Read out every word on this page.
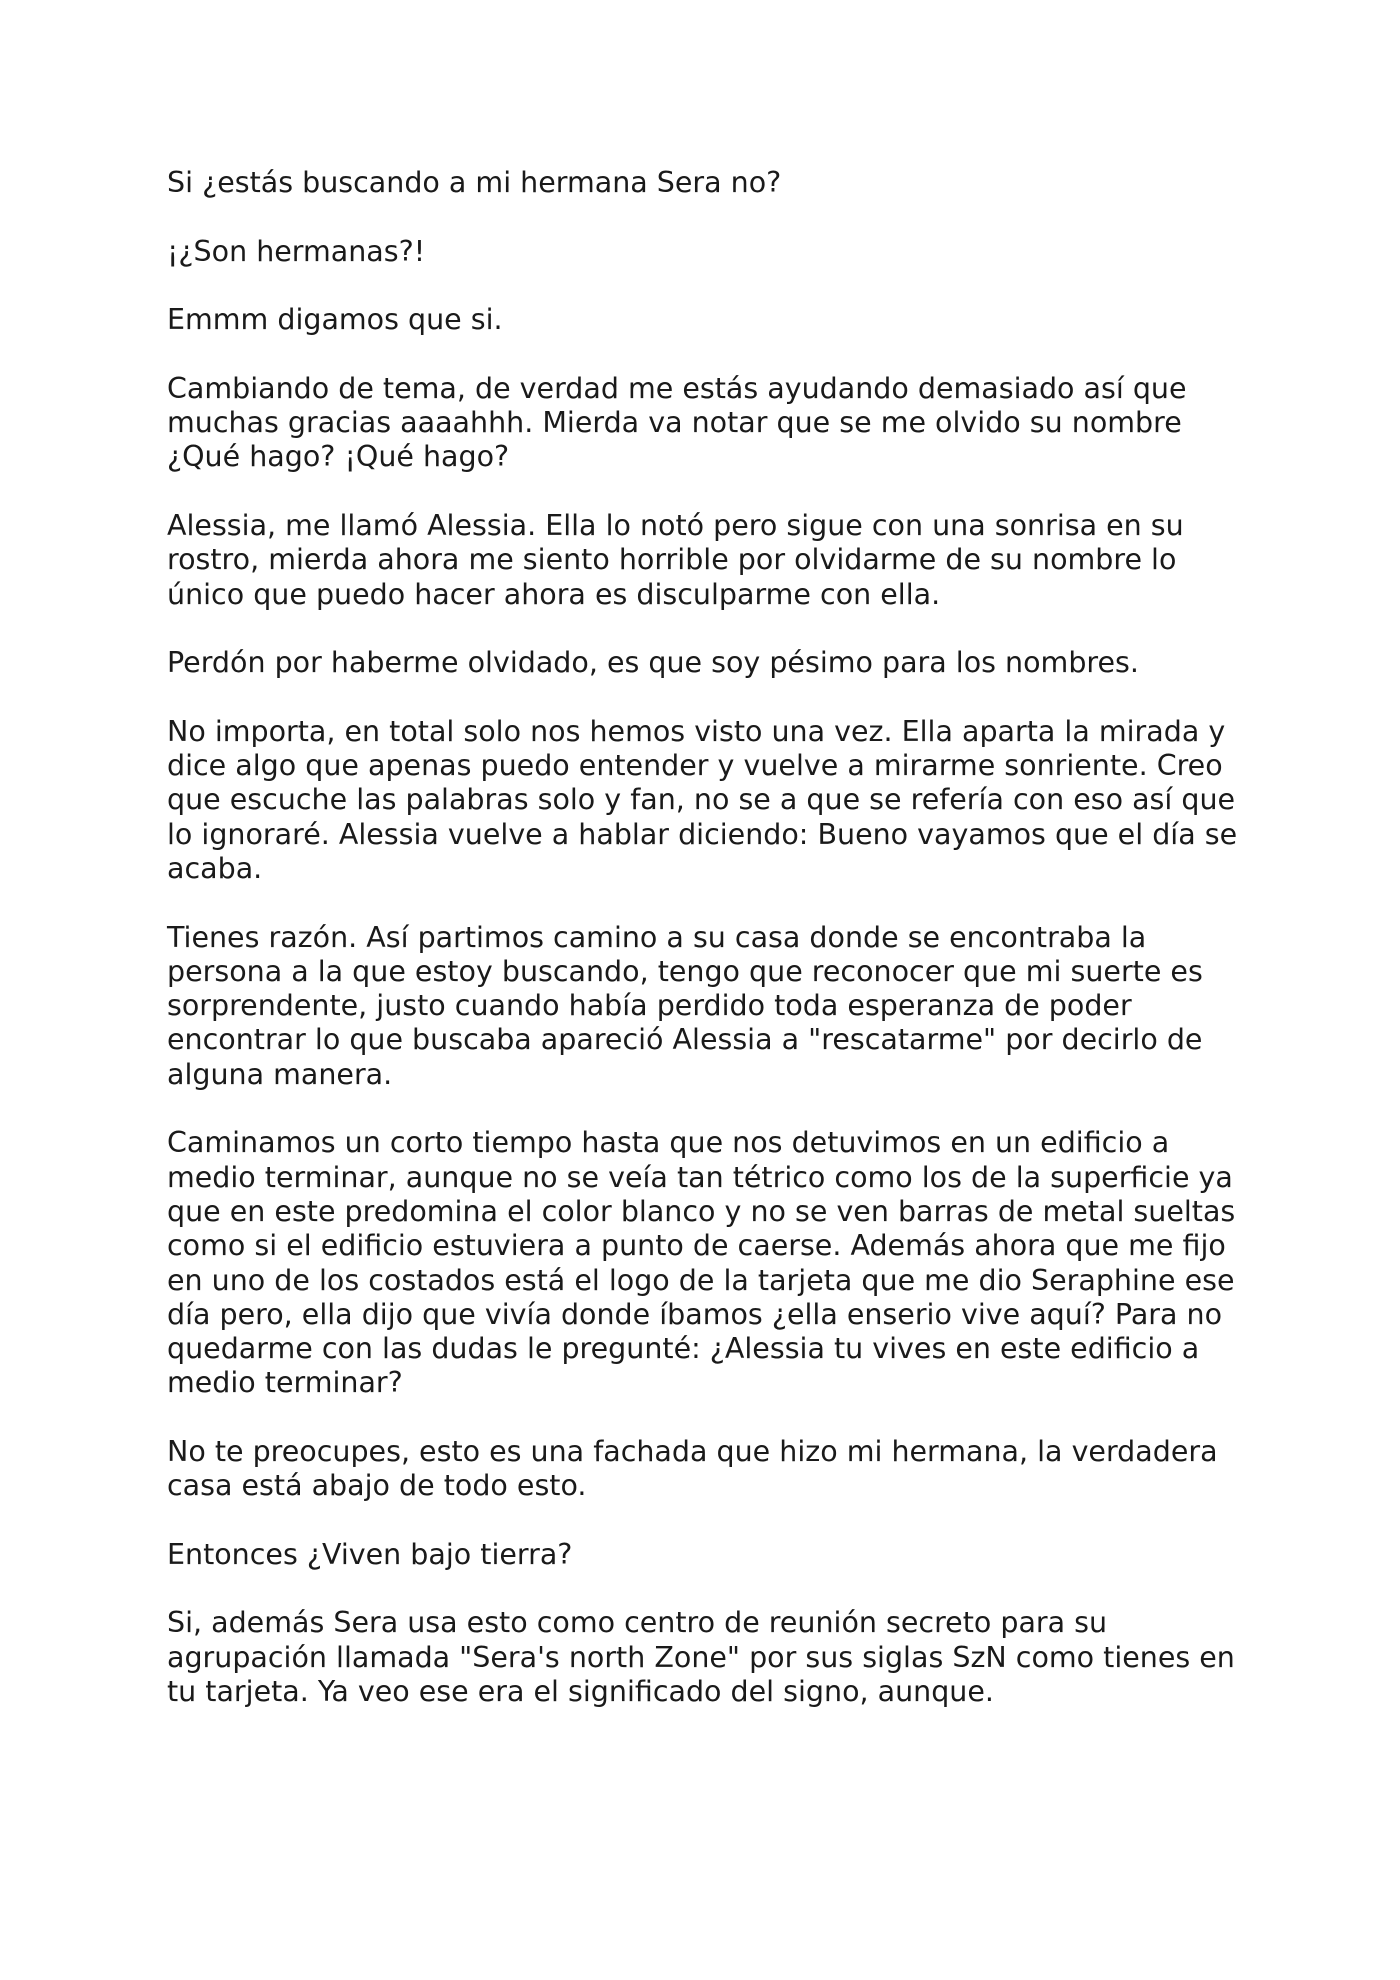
Si ¿estás buscando a mi hermana Sera no?

¡¿Son hermanas?!

Emmm digamos que si.

Cambiando de tema, de verdad me estás ayudando demasiado así que
muchas gracias aaaahhh. Mierda va notar que se me olvido su nombre
¿Qué hago? ¡Qué hago?

Alessia, me llamó Alessia. Ella lo notó pero sigue con una sonrisa en su
rostro, mierda ahora me siento horrible por olvidarme de su nombre lo
único que puedo hacer ahora es disculparme con ella.

Perdón por haberme olvidado, es que soy pésimo para los nombres.

No importa, en total solo nos hemos visto una vez. Ella aparta la mirada y
dice algo que apenas puedo entender y vuelve a mirarme sonriente. Creo
que escuche las palabras solo y fan, no se a que se refería con eso así que
lo ignoraré. Alessia vuelve a hablar diciendo: Bueno vayamos que el día se
acaba.

Tienes razón. Así partimos camino a su casa donde se encontraba la
persona a la que estoy buscando, tengo que reconocer que mi suerte es
sorprendente, justo cuando había perdido toda esperanza de poder
encontrar lo que buscaba apareció Alessia a "rescatarme" por decirlo de
alguna manera.

Caminamos un corto tiempo hasta que nos detuvimos en un edificio a
medio terminar, aunque no se veía tan tétrico como los de la superficie ya
que en este predomina el color blanco y no se ven barras de metal sueltas
como si el edificio estuviera a punto de caerse. Además ahora que me fijo
en uno de los costados está el logo de la tarjeta que me dio Seraphine ese
día pero, ella dijo que vivía donde íbamos ¿ella enserio vive aquí? Para no
quedarme con las dudas le pregunté: ¿Alessia tu vives en este edificio a
medio terminar?

No te preocupes, esto es una fachada que hizo mi hermana, la verdadera
casa está abajo de todo esto.

Entonces ¿Viven bajo tierra?

Si, además Sera usa esto como centro de reunión secreto para su
agrupación llamada "Sera's north Zone" por sus siglas SzN como tienes en
tu tarjeta. Ya veo ese era el significado del signo, aunque.
